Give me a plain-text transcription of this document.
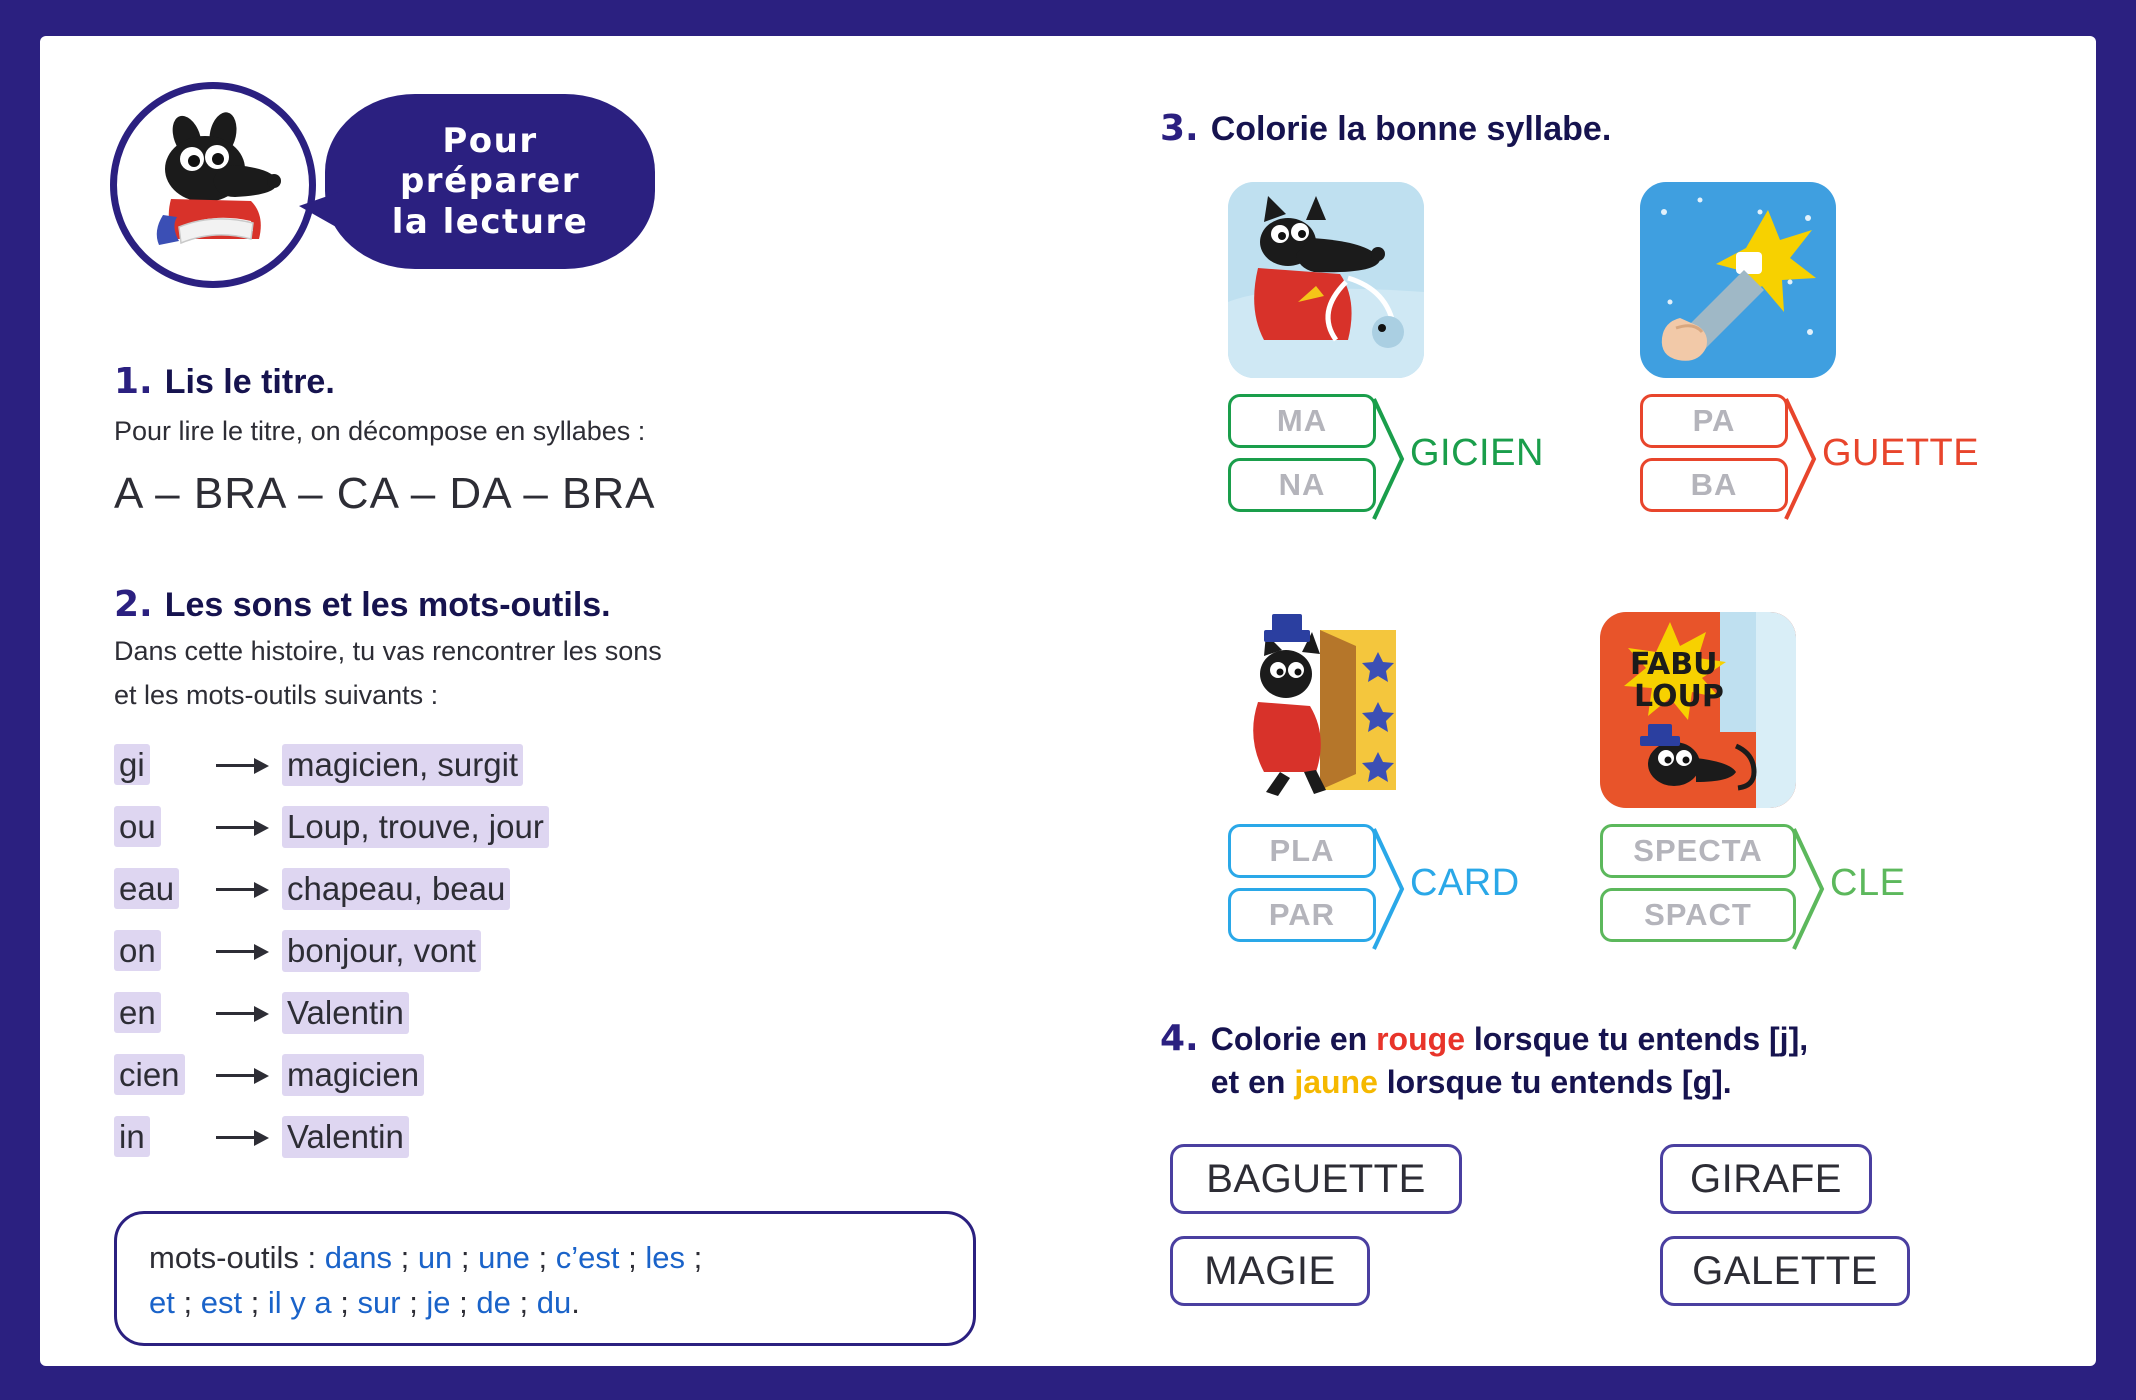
Pour
préparer
la lecture
1. Lis le titre.
Pour lire le titre, on décompose en syllabes :
A – BRA – CA – DA – BRA
2. Les sons et les mots-outils.
Dans cette histoire, tu vas rencontrer les sons
et les mots-outils suivants :
gi	magicien, surgit
ou	Loup, trouve, jour
eau	chapeau, beau
on	bonjour, vont
en	Valentin
cien	magicien
in	Valentin
mots-outils : dans ; un ; une ; c’est ; les ;
et ; est ; il y a ; sur ; je ; de ; du.
3. Colorie la bonne syllabe.
MA
NA
GICIEN
PA
BA
GUETTE
PLA
PAR
CARD
FABU
LOUP
SPECTA
SPACT
CLE
4. Colorie en rouge lorsque tu entends [j],
et en jaune lorsque tu entends [g].
BAGUETTE
MAGIE
GIRAFE
GALETTE
